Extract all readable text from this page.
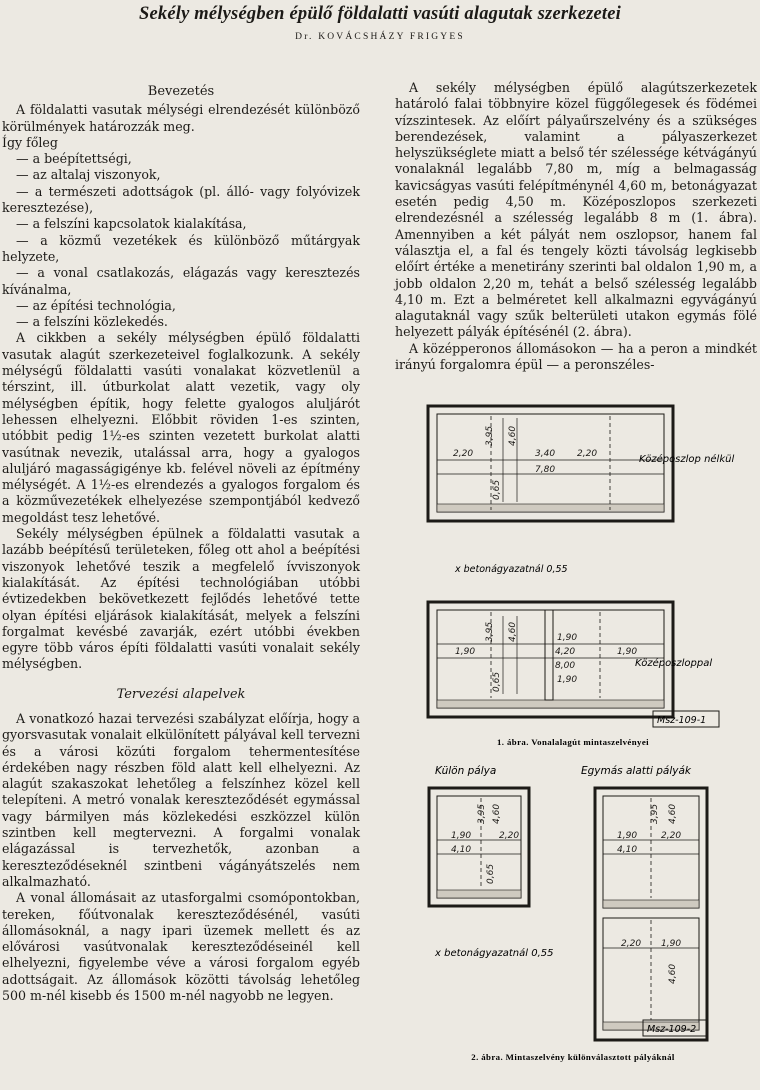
Sekély mélységben épülő földalatti vasúti alagutak szerkezetei
Dr. KOVÁCSHÁZY FRIGYES
Bevezetés

A földalatti vasutak mélységi elrendezését különböző körülmények határozzák meg.

Így főleg

— a beépítettségi,

— az altalaj viszonyok,

— a természeti adottságok (pl. álló- vagy folyóvizek keresztezése),

— a felszíni kapcsolatok kialakítása,

— a közmű vezetékek és különböző műtárgyak helyzete,

— a vonal csatlakozás, elágazás vagy keresztezés kívánalma,

— az építési technológia,

— a felszíni közlekedés.

A cikkben a sekély mélységben épülő földalatti vasutak alagút szerkezeteivel foglalkozunk. A sekély mélységű földalatti vasúti vonalakat közvetlenül a térszint, ill. útburkolat alatt vezetik, vagy oly mélységben építik, hogy felette gyalogos aluljárót lehessen elhelyezni. Előbbit röviden 1-es szinten, utóbbit pedig 1½-es szinten vezetett burkolat alatti vasútnak nevezik, utalással arra, hogy a gyalogos aluljáró magasságigénye kb. felével növeli az építmény mélységét. A 1½-es elrendezés a gyalogos forgalom és a közművezetékek elhelyezése szempontjából kedvező megoldást tesz lehetővé.

Sekély mélységben épülnek a földalatti vasutak a lazább beépítésű területeken, főleg ott ahol a beépítési viszonyok lehetővé teszik a megfelelő ívviszonyok kialakítását. Az építési technológiában utóbbi évtizedekben bekövetkezett fejlődés lehetővé tette olyan építési eljárások kialakítását, melyek a felszíni forgalmat kevésbé zavarják, ezért utóbbi években egyre több város építi földalatti vasúti vonalait sekély mélységben.

Tervezési alapelvek

A vonatkozó hazai tervezési szabályzat előírja, hogy a gyorsvasutak vonalait elkülönített pályával kell tervezni és a városi közúti forgalom tehermentesítése érdekében nagy részben föld alatt kell elhelyezni. Az alagút szakaszokat lehetőleg a felszínhez közel kell telepíteni. A metró vonalak kereszteződését egymással vagy bármilyen más közlekedési eszközzel külön szintben kell megtervezni. A forgalmi vonalak elágazással is tervezhetők, azonban a kereszteződéseknél szintbeni vágányátszelés nem alkalmazható.

A vonal állomásait az utasforgalmi csomópontokban, tereken, főútvonalak kereszteződésénél, vasúti állomásoknál, a nagy ipari üzemek mellett és az elővárosi vasútvonalak kereszteződéseinél kell elhelyezni, figyelembe véve a városi forgalom egyéb adottságait. Az állomások közötti távolság lehetőleg 500 m-nél kisebb és 1500 m-nél nagyobb ne legyen.

A sekély mélységben épülő alagútszerkezetek határoló falai többnyire közel függőlegesek és födémei vízszintesek. Az előírt pályaűrszelvény és a szükséges berendezések, valamint a pályaszerkezet helyszükséglete miatt a belső tér szélessége kétvágányú vonalaknál legalább 7,80 m, míg a belmagasság kavicságyas vasúti felépítménynél 4,60 m, betonágyazat esetén pedig 4,50 m. Középoszlopos szerkezeti elrendezésnél a szélesség legalább 8 m (1. ábra). Amennyiben a két pályát nem oszlopsor, hanem fal választja el, a fal és tengely közti távolság legkisebb előírt értéke a menetirány szerinti bal oldalon 1,90 m, a jobb oldalon 2,20 m, tehát a belső szélesség legalább 4,10 m. Ezt a belméretet kell alkalmazni egyvágányú alagutaknál vagy szűk belterületi utakon egymás fölé helyezett pályák építésénél (2. ábra).

A középperonos állomásokon — ha a peron a mindkét irányú forgalomra épül — a peronszéles-

2,20
3,95 4,60
3,40 2,20
7,80
0,65
3,95 4,60
1,90
1,90
4,20	1,90
8,00
0,65	1,90
Középoszlop nélkül
x betonágyazatnál 0,55
Középoszloppal
Msz-109-1
1. ábra. Vonalalagút mintaszelvényei
3,95 4,60
1,90	2,20
4,10
0,65
3,95 4,60
1,90	2,20
4,10
2,20 1,90
4,60
Külön pálya	Egymás alatti pályák
x betonágyazatnál 0,55
Msz-109-2
2. ábra. Mintaszelvény különválasztott pályáknál
